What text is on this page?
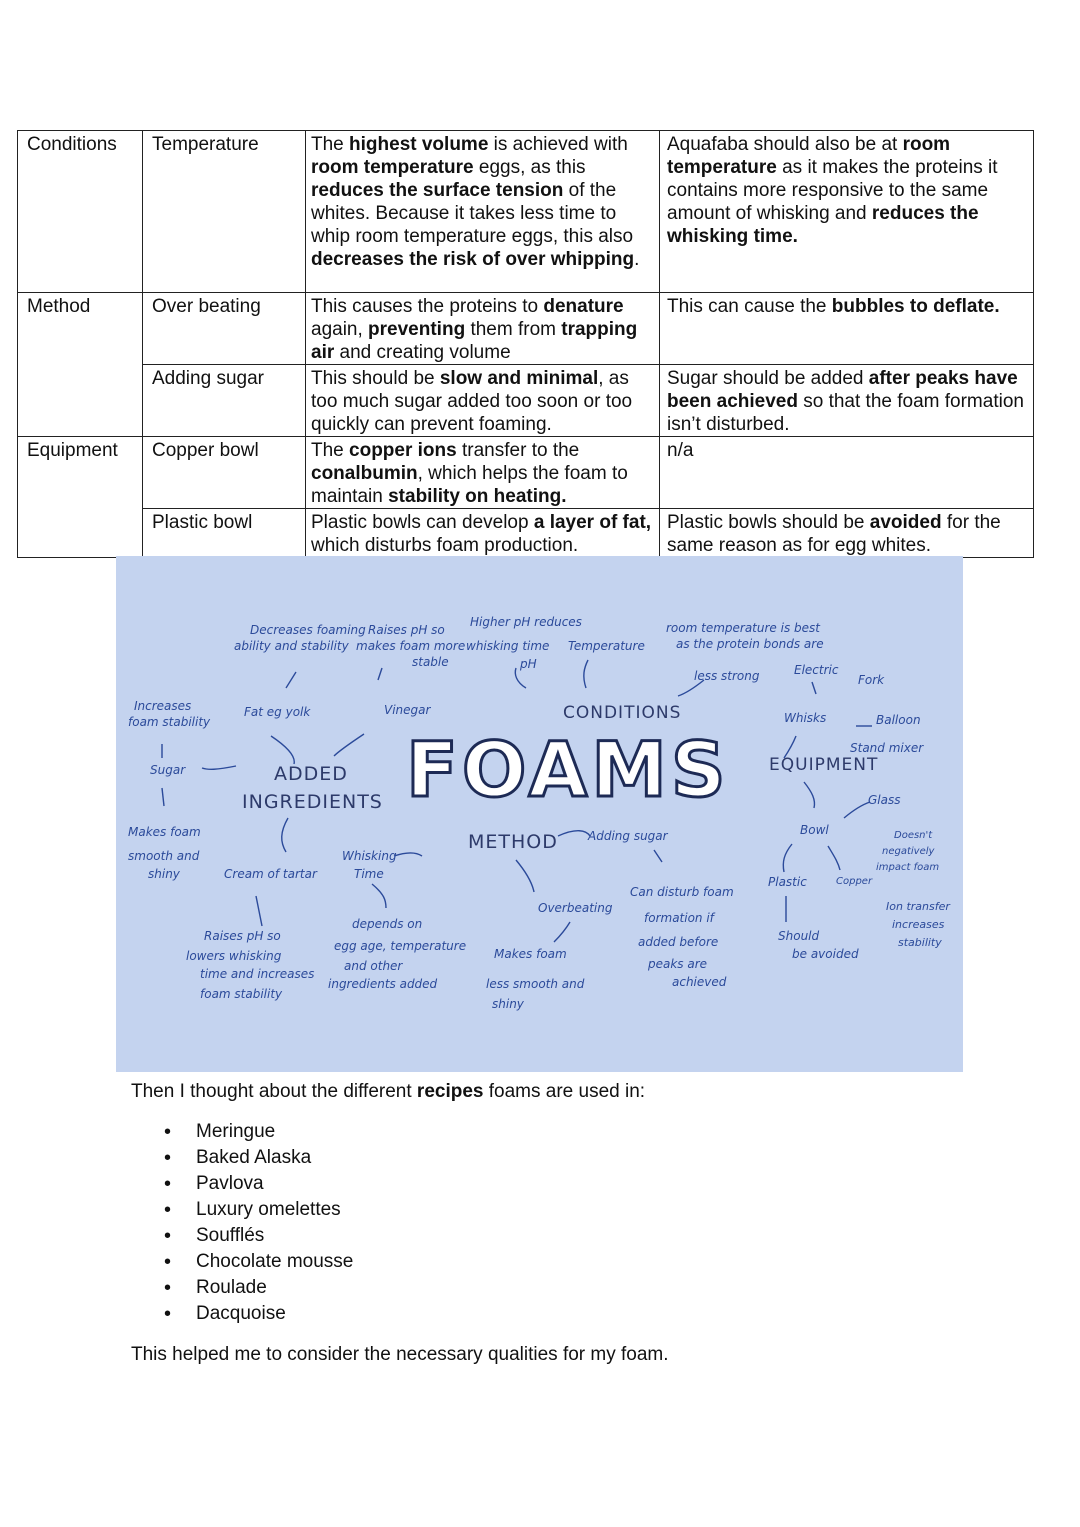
Conditions	Temperature	The highest volume is achieved with room temperature eggs, as this reduces the surface tension of the whites. Because it takes less time to whip room temperature eggs, this also decreases the risk of over whipping.	Aquafaba should also be at room temperature as it makes the proteins it contains more responsive to the same amount of whisking and reduces the whisking time.
Method	Over beating	This causes the proteins to denature again, preventing them from trapping air and creating volume	This can cause the bubbles to deflate.
	Adding sugar	This should be slow and minimal, as too much sugar added too soon or too quickly can prevent foaming.	Sugar should be added after peaks have been achieved so that the foam formation isn’t disturbed.
Equipment	Copper bowl	The copper ions transfer to the conalbumin, which helps the foam to maintain stability on heating.	n/a
	Plastic bowl	Plastic bowls can develop a layer of fat, which disturbs foam production.	Plastic bowls should be avoided for the same reason as for egg whites.
FOAMS
CONDITIONS
EQUIPMENT
METHOD
ADDED
INGREDIENTS
Decreases foaming ability and stability
Raises pH so makes foam more stable
Higher pH reduces whisking time	Temperature
pH
room temperature is best as the protein bonds are less strong	Electric
Fork
Whisks	Balloon
Stand mixer
Increases foam stability
Fat eg yolk	Vinegar
Sugar
Makes foam smooth and shiny	Cream of tartar
Raises pH so lowers whisking time and increases foam stability
Whisking Time
depends on egg age, temperature and other ingredients added
Adding sugar
Overbeating
Makes foam less smooth and shiny
Can disturb foam formation if added before peaks are achieved
Bowl
Glass
Doesn't negatively impact foam
Plastic	Copper
Should be avoided
Ion transfer increases stability
Then I thought about the different recipes foams are used in:
• Meringue
• Baked Alaska
• Pavlova
• Luxury omelettes
• Soufflés
• Chocolate mousse
• Roulade
• Dacquoise
This helped me to consider the necessary qualities for my foam.
